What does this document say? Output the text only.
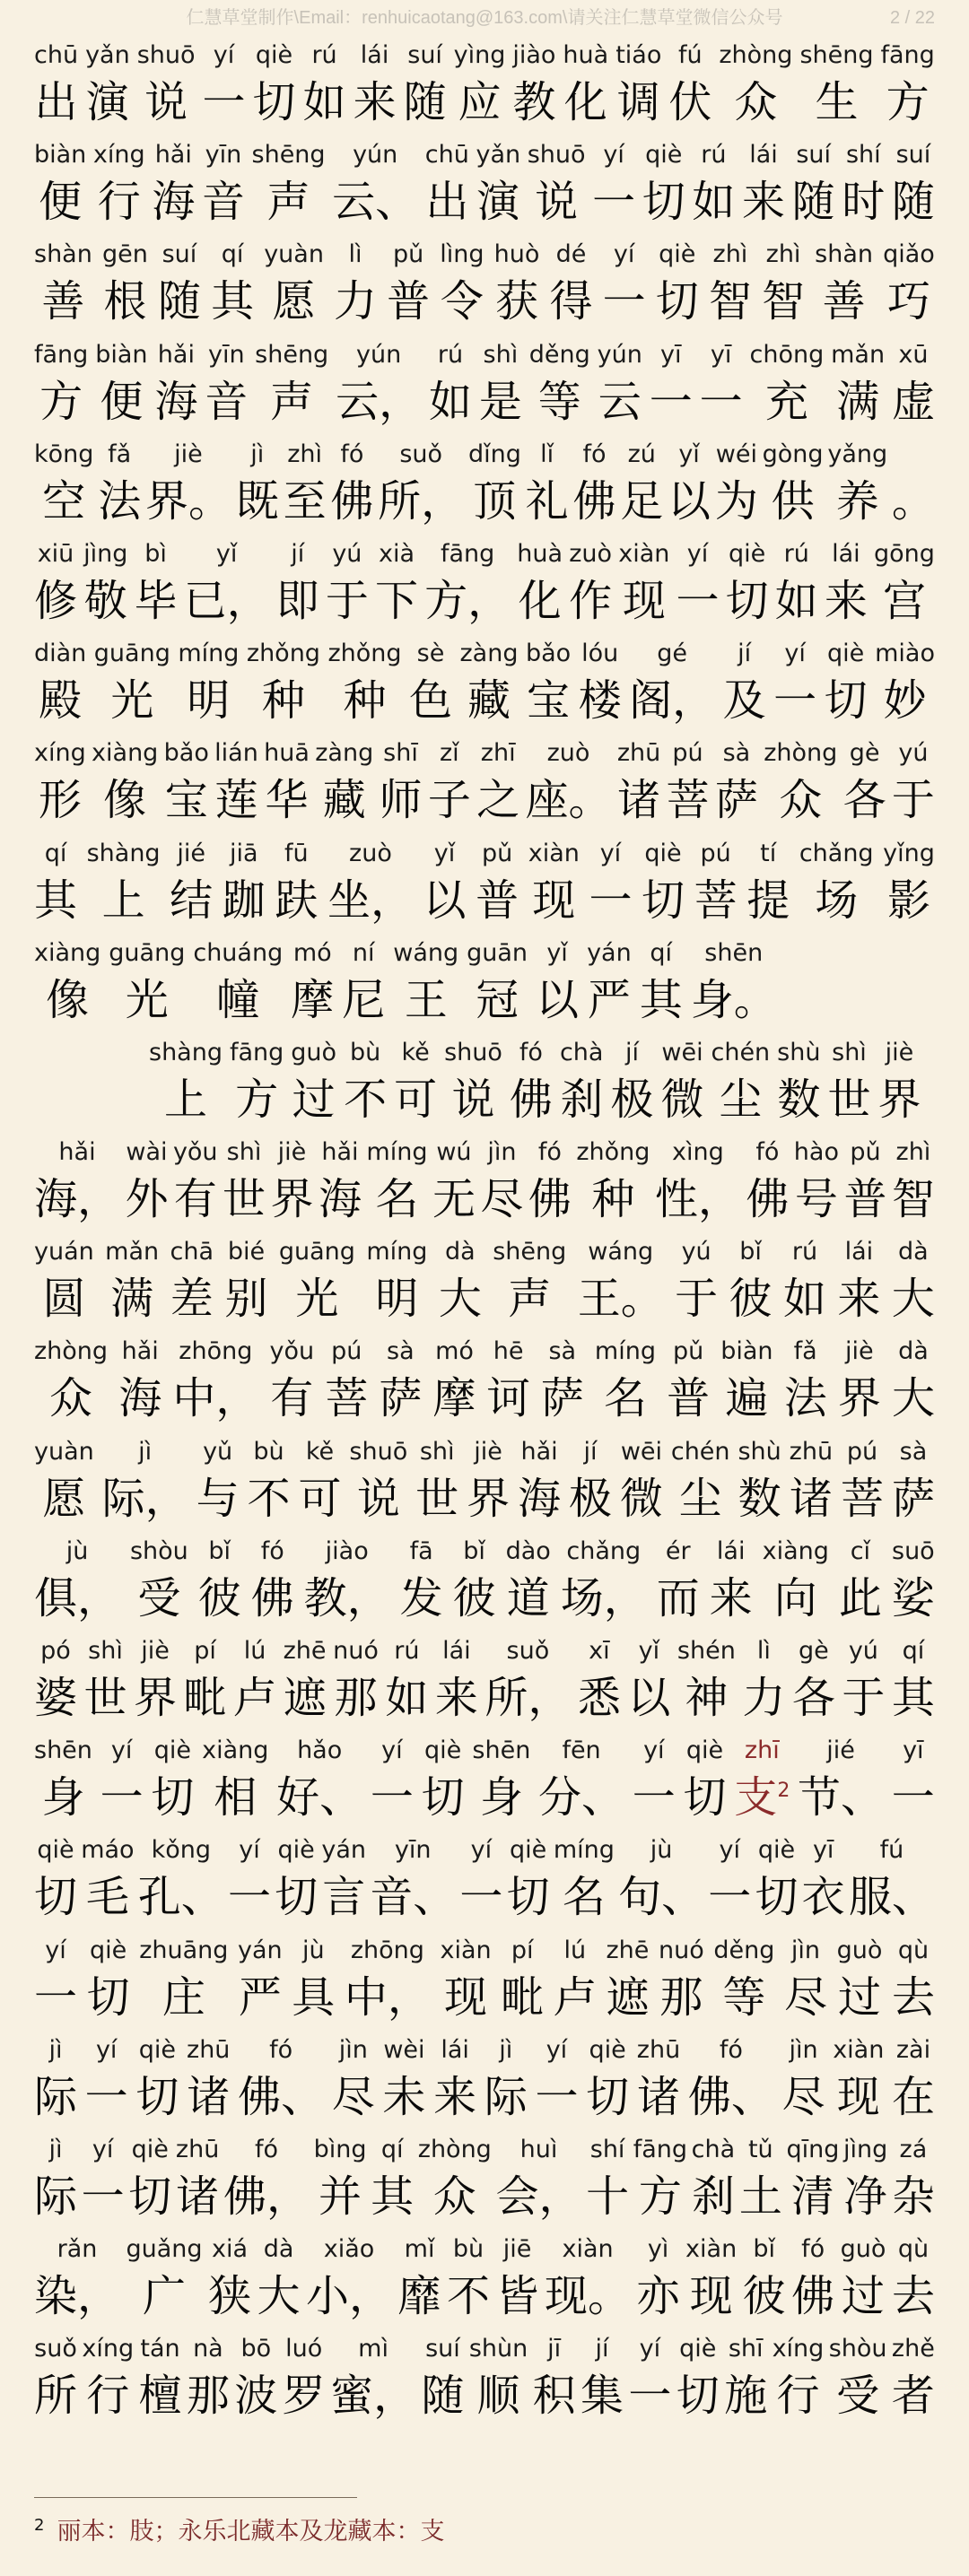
仁慧草堂制作\Email：renhuicaotang@163.com\请关注仁慧草堂微信公众号	2 / 22
chū
出
yǎn
演
shuō
说
yí
一
qiè
切
rú
如
lái
来
suí
随
yìng
应
jiào
教
huà
化
tiáo
调
fú
伏
zhòng
众
shēng
生
fāng
方
biàn
便
xíng
行
hǎi
海
yīn
音
shēng
声
yún
云、
chū
出
yǎn
演
shuō
说
yí
一
qiè
切
rú
如
lái
来
suí
随
shí
时
suí
随
shàn
善
gēn
根
suí
随
qí
其
yuàn
愿
lì
力
pǔ
普
lìng
令
huò
获
dé
得
yí
一
qiè
切
zhì
智
zhì
智
shàn
善
qiǎo
巧
fāng
方
biàn
便
hǎi
海
yīn
音
shēng
声
yún
云，
rú
如
shì
是
děng
等
yún
云
yī
一
yī
一
chōng
充
mǎn
满
xū
虚
kōng
空
fǎ
法
jiè
界。
jì
既
zhì
至
fó
佛
suǒ
所，
dǐng
顶
lǐ
礼
fó
佛
zú
足
yǐ
以
wéi
为
gòng
供
yǎng
养
。
xiū
修
jìng
敬
bì
毕
yǐ
已，
jí
即
yú
于
xià
下
fāng
方，
huà
化
zuò
作
xiàn
现
yí
一
qiè
切
rú
如
lái
来
gōng
宫
diàn
殿
guāng
光
míng
明
zhǒng
种
zhǒng
种
sè
色
zàng
藏
bǎo
宝
lóu
楼
gé
阁，
jí
及
yí
一
qiè
切
miào
妙
xíng
形
xiàng
像
bǎo
宝
lián
莲
huā
华
zàng
藏
shī
师
zǐ
子
zhī
之
zuò
座。
zhū
诸
pú
菩
sà
萨
zhòng
众
gè
各
yú
于
qí
其
shàng
上
jié
结
jiā
跏
fū
趺
zuò
坐，
yǐ
以
pǔ
普
xiàn
现
yí
一
qiè
切
pú
菩
tí
提
chǎng
场
yǐng
影
xiàng
像
guāng
光
chuáng
幢
mó
摩
ní
尼
wáng
王
guān
冠
yǐ
以
yán
严
qí
其
shēn
身。
shàng
上
fāng
方
guò
过
bù
不
kě
可
shuō
说
fó
佛
chà
刹
jí
极
wēi
微
chén
尘
shù
数
shì
世
jiè
界
hǎi
海，
wài
外
yǒu
有
shì
世
jiè
界
hǎi
海
míng
名
wú
无
jìn
尽
fó
佛
zhǒng
种
xìng
性，
fó
佛
hào
号
pǔ
普
zhì
智
yuán
圆
mǎn
满
chā
差
bié
别
guāng
光
míng
明
dà
大
shēng
声
wáng
王。
yú
于
bǐ
彼
rú
如
lái
来
dà
大
zhòng
众
hǎi
海
zhōng
中，
yǒu
有
pú
菩
sà
萨
mó
摩
hē
诃
sà
萨
míng
名
pǔ
普
biàn
遍
fǎ
法
jiè
界
dà
大
yuàn
愿
jì
际，
yǔ
与
bù
不
kě
可
shuō
说
shì
世
jiè
界
hǎi
海
jí
极
wēi
微
chén
尘
shù
数
zhū
诸
pú
菩
sà
萨
jù
俱，
shòu
受
bǐ
彼
fó
佛
jiào
教，
fā
发
bǐ
彼
dào
道
chǎng
场，
ér
而
lái
来
xiàng
向
cǐ
此
suō
娑
pó
婆
shì
世
jiè
界
pí
毗
lú
卢
zhē
遮
nuó
那
rú
如
lái
来
suǒ
所，
xī
悉
yǐ
以
shén
神
lì
力
gè
各
yú
于
qí
其
shēn
身
yí
一
qiè
切
xiàng
相
hǎo
好、
yí
一
qiè
切
shēn
身
fēn
分、
yí
一
qiè
切
zhī
支$^2$
jié
节、
yī
一
qiè
切
máo
毛
kǒng
孔、
yí
一
qiè
切
yán
言
yīn
音、
yí
一
qiè
切
míng
名
jù
句、
yí
一
qiè
切
yī
衣
fú
服、
yí
一
qiè
切
zhuāng
庄
yán
严
jù
具
zhōng
中，
xiàn
现
pí
毗
lú
卢
zhē
遮
nuó
那
děng
等
jìn
尽
guò
过
qù
去
jì
际
yí
一
qiè
切
zhū
诸
fó
佛、
jìn
尽
wèi
未
lái
来
jì
际
yí
一
qiè
切
zhū
诸
fó
佛、
jìn
尽
xiàn
现
zài
在
jì
际
yí
一
qiè
切
zhū
诸
fó
佛，
bìng
并
qí
其
zhòng
众
huì
会，
shí
十
fāng
方
chà
刹
tǔ
土
qīng
清
jìng
净
zá
杂
rǎn
染，
guǎng
广
xiá
狭
dà
大
xiǎo
小，
mǐ
靡
bù
不
jiē
皆
xiàn
现。
yì
亦
xiàn
现
bǐ
彼
fó
佛
guò
过
qù
去
suǒ
所
xíng
行
tán
檀
nà
那
bō
波
luó
罗
mì
蜜，
suí
随
shùn
顺
jī
积
jí
集
yí
一
qiè
切
shī
施
xíng
行
shòu
受
zhě
者
$^2$ 丽本：肢；永乐北藏本及龙藏本：支
